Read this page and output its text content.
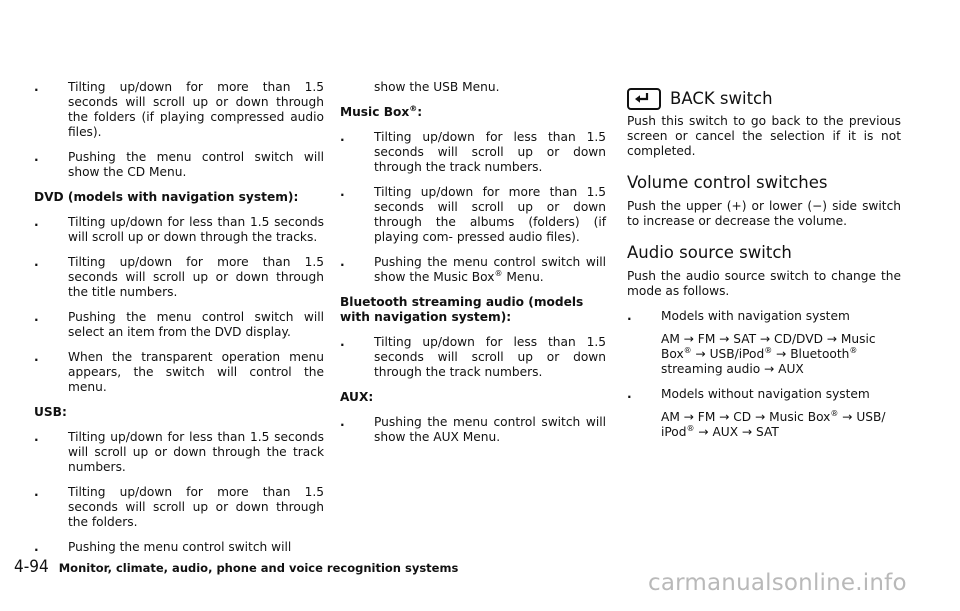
. Tilting up/down for more than 1.5 seconds will scroll up or down through the folders (if playing compressed audio files).
. Pushing the menu control switch will show the CD Menu.
DVD (models with navigation system):
. Tilting up/down for less than 1.5 seconds will scroll up or down through the tracks.
. Tilting up/down for more than 1.5 seconds will scroll up or down through the title numbers.
. Pushing the menu control switch will select an item from the DVD display.
. When the transparent operation menu appears, the switch will control the menu.
USB:
. Tilting up/down for less than 1.5 seconds will scroll up or down through the track numbers.
. Tilting up/down for more than 1.5 seconds will scroll up or down through the folders.
. Pushing the menu control switch will
show the USB Menu.
Music Box®:
. Tilting up/down for less than 1.5 seconds will scroll up or down through the track numbers.
. Tilting up/down for more than 1.5 seconds will scroll up or down through the albums (folders) (if playing com- pressed audio files).
. Pushing the menu control switch will show the Music Box® Menu.
Bluetooth streaming audio (models with navigation system):
. Tilting up/down for less than 1.5 seconds will scroll up or down through the track numbers.
AUX:
. Pushing the menu control switch will show the AUX Menu.
BACK switch
Push this switch to go back to the previous screen or cancel the selection if it is not completed.
Volume control switches
Push the upper (+) or lower (−) side switch to increase or decrease the volume.
Audio source switch
Push the audio source switch to change the mode as follows.
. Models with navigation system
AM → FM → SAT → CD/DVD → Music Box® → USB/iPod® → Bluetooth®
streaming audio → AUX
. Models without navigation system
AM → FM → CD → Music Box® → USB/
iPod® → AUX → SAT
4-94 Monitor, climate, audio, phone and voice recognition systems
carmanualsonline.info
